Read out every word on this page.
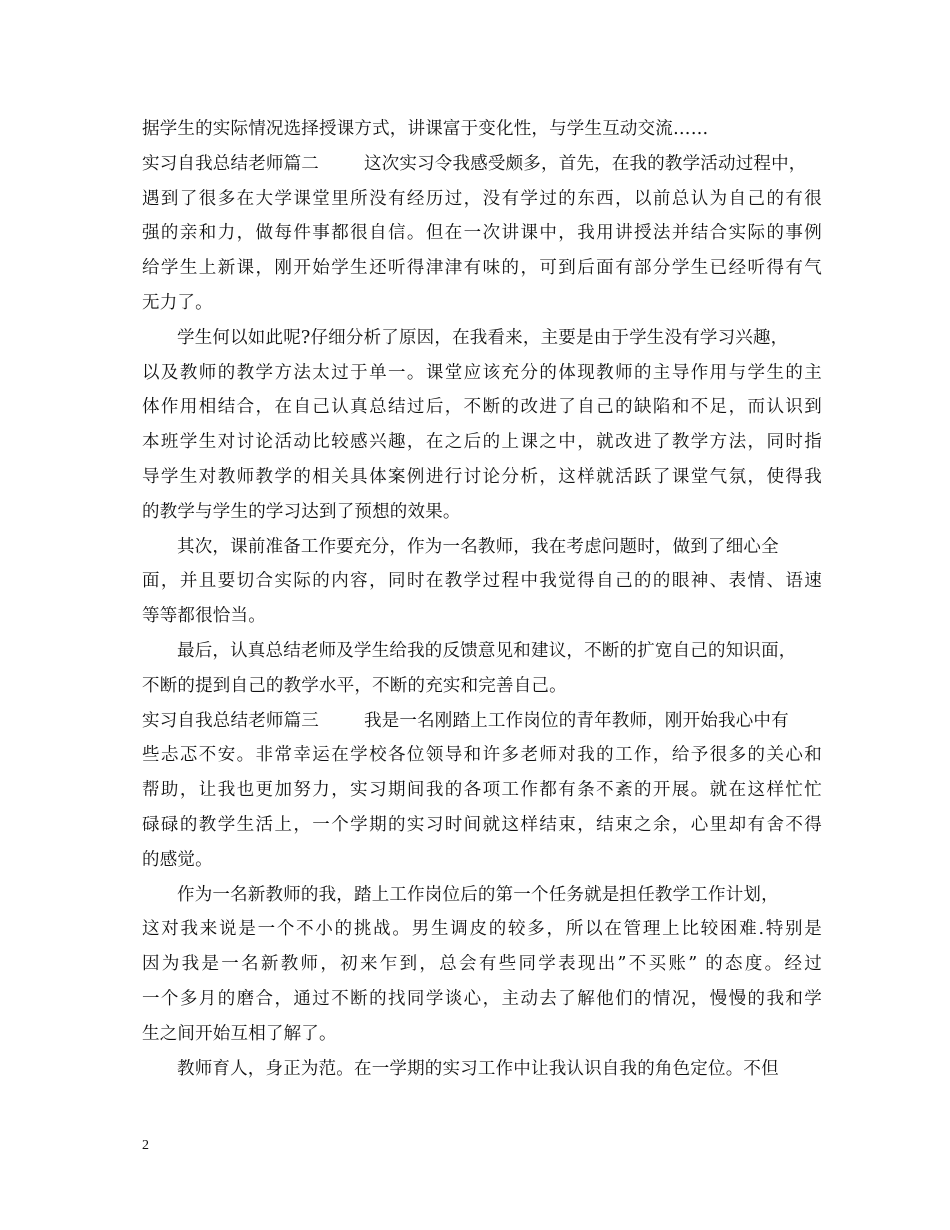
据学生的实际情况选择授课方式，讲课富于变化性，与学生互动交流……
实习自我总结老师篇二	这次实习令我感受颇多，首先，在我的教学活动过程中，
遇到了很多在大学课堂里所没有经历过，没有学过的东西，以前总认为自己的有很
强的亲和力，做每件事都很自信。但在一次讲课中，我用讲授法并结合实际的事例
给学生上新课，刚开始学生还听得津津有味的，可到后面有部分学生已经听得有气
无力了。
学生何以如此呢?仔细分析了原因，在我看来，主要是由于学生没有学习兴趣，
以及教师的教学方法太过于单一。课堂应该充分的体现教师的主导作用与学生的主
体作用相结合，在自己认真总结过后，不断的改进了自己的缺陷和不足，而认识到
本班学生对讨论活动比较感兴趣，在之后的上课之中，就改进了教学方法，同时指
导学生对教师教学的相关具体案例进行讨论分析，这样就活跃了课堂气氛，使得我
的教学与学生的学习达到了预想的效果。
其次，课前准备工作要充分，作为一名教师，我在考虑问题时，做到了细心全
面，并且要切合实际的内容，同时在教学过程中我觉得自己的的眼神、表情、语速
等等都很恰当。
最后，认真总结老师及学生给我的反馈意见和建议，不断的扩宽自己的知识面，
不断的提到自己的教学水平，不断的充实和完善自己。
实习自我总结老师篇三	我是一名刚踏上工作岗位的青年教师，刚开始我心中有
些忐忑不安。非常幸运在学校各位领导和许多老师对我的工作，给予很多的关心和
帮助，让我也更加努力，实习期间我的各项工作都有条不紊的开展。就在这样忙忙
碌碌的教学生活上，一个学期的实习时间就这样结束，结束之余，心里却有舍不得
的感觉。
作为一名新教师的我，踏上工作岗位后的第一个任务就是担任教学工作计划，
这对我来说是一个不小的挑战。男生调皮的较多，所以在管理上比较困难.特别是
因为我是一名新教师，初来乍到，总会有些同学表现出”不买账” 的态度。经过
一个多月的磨合，通过不断的找同学谈心，主动去了解他们的情况，慢慢的我和学
生之间开始互相了解了。
教师育人，身正为范。在一学期的实习工作中让我认识自我的角色定位。不但
2
